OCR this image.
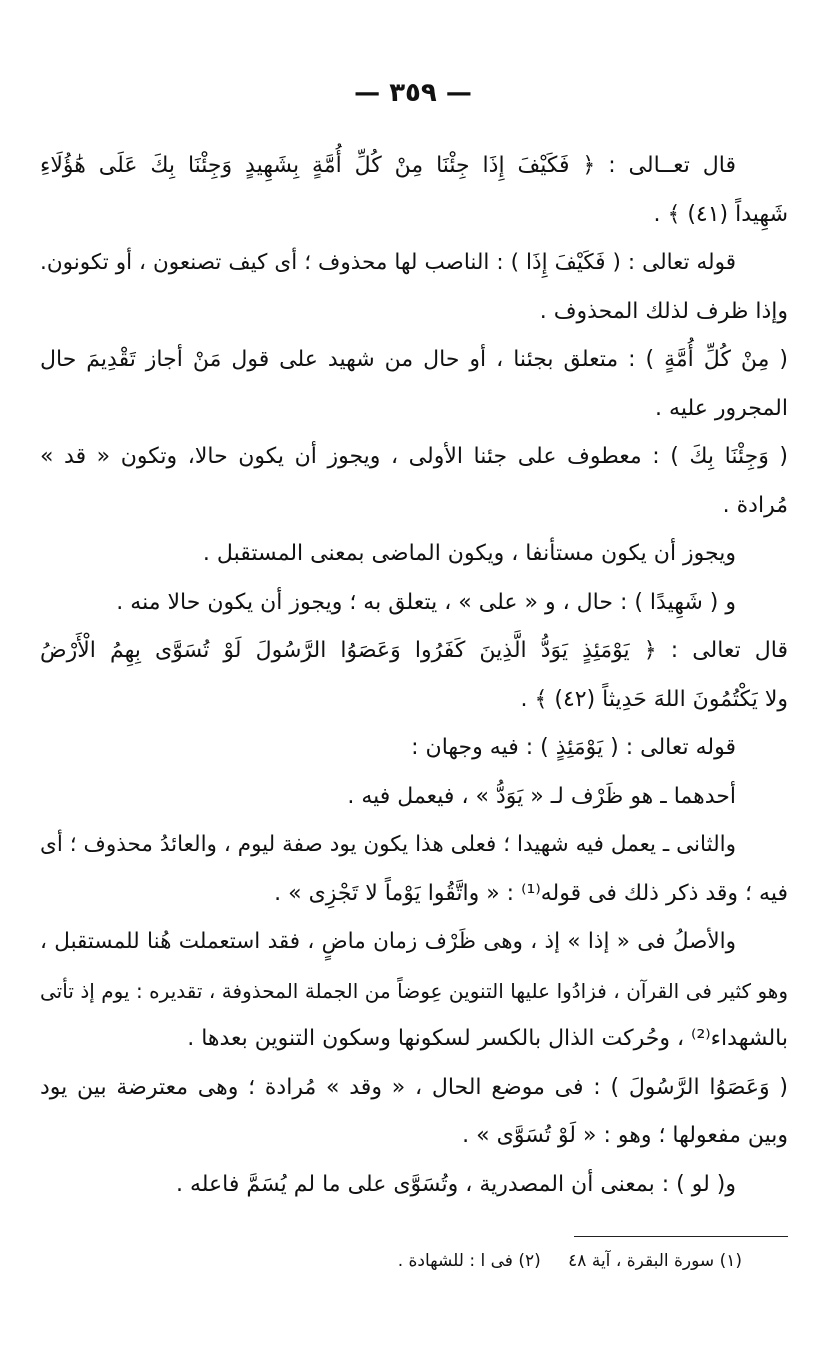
— ٣٥٩ —
قال تعــالى : ﴿ فَكَيْفَ إِذَا جِئْنَا مِنْ كُلِّ أُمَّةٍ بِشَهِيدٍ وَجِئْنَا بِكَ عَلَى هَٰؤُلَاءِ
شَهِيداً (٤١) ﴾ .
قوله تعالى : ( فَكَيْفَ إِذَا ) : الناصب لها محذوف ؛ أى كيف تصنعون ، أو تكونون.
وإذا ظرف لذلك المحذوف .
( مِنْ كُلِّ أُمَّةٍ ) : متعلق بجئنا ، أو حال من شهيد على قول مَنْ أجاز تَقْدِيمَ حال
المجرور عليه .
( وَجِئْنَا بِكَ ) : معطوف على جئنا الأولى ، ويجوز أن يكون حالا، وتكون « قد »
مُرادة .
ويجوز أن يكون مستأنفا ، ويكون الماضى بمعنى المستقبل .
و ( شَهِيدًا ) : حال ، و « على » ، يتعلق به ؛ ويجوز أن يكون حالا منه .
قال تعالى : ﴿ يَوْمَئِذٍ يَوَدُّ الَّذِينَ كَفَرُوا وَعَصَوُا الرَّسُولَ لَوْ تُسَوَّى بِهِمُ الْأَرْضُ
ولا يَكْتُمُونَ اللهَ حَدِيثاً (٤٢) ﴾ .
قوله تعالى : ( يَوْمَئِذٍ ) : فيه وجهان :
أحدهما ـ هو ظَرْف لـ « يَوَدُّ » ، فيعمل فيه .
والثانى ـ يعمل فيه شهيدا ؛ فعلى هذا يكون يود صفة ليوم ، والعائدُ محذوف ؛ أى
فيه ؛ وقد ذكر ذلك فى قوله⁽¹⁾ : « واتَّقُوا يَوْماً لا تَجْزِى » .
والأصلُ فى « إذا » إذ ، وهى ظَرْف زمان ماضٍ ، فقد استعملت هُنا للمستقبل ،
وهو كثير فى القرآن ، فزادُوا عليها التنوين عِوضاً من الجملة المحذوفة ، تقديره : يوم إذ تأتى
بالشهداء⁽²⁾ ، وحُركت الذال بالكسر لسكونها وسكون التنوين بعدها .
( وَعَصَوُا الرَّسُولَ ) : فى موضع الحال ، « وقد » مُرادة ؛ وهى معترضة بين يود
وبين مفعولها ؛ وهو : « لَوْ تُسَوَّى » .
و( لو ) : بمعنى أن المصدرية ، وتُسَوَّى على ما لم يُسَمَّ فاعله .
(١) سورة البقرة ، آية ٤٨ (٢) فى ا : للشهادة .
